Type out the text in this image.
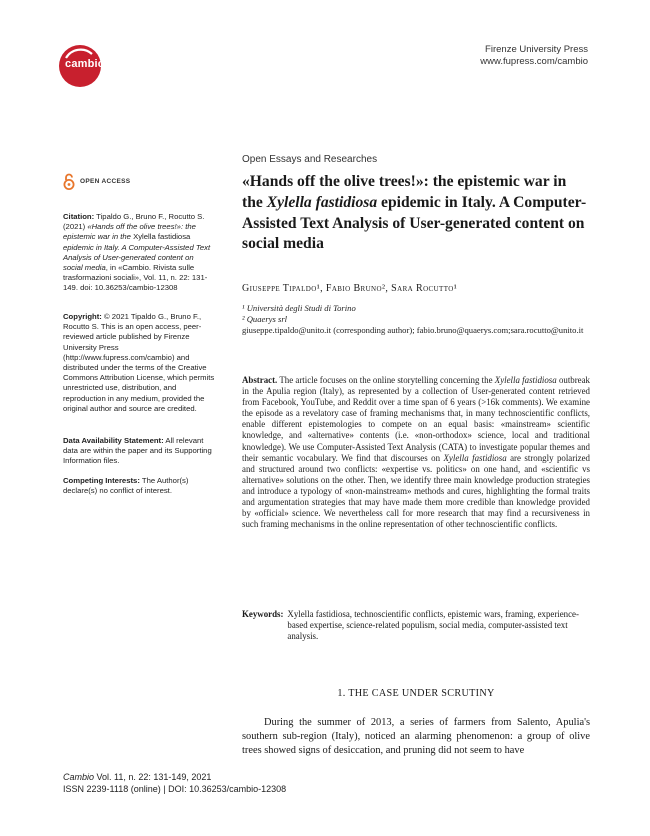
cambio
Firenze University Press
www.fupress.com/cambio
OPEN ACCESS

Citation: Tipaldo G., Bruno F., Rocutto S. (2021) «Hands off the olive trees!»: the epistemic war in the Xylella fastidiosa epidemic in Italy. A Computer-Assisted Text Analysis of User-generated content on social media, in «Cambio. Rivista sulle trasformazioni sociali», Vol. 11, n. 22: 131-149. doi: 10.36253/cambio-12308

Copyright: © 2021 Tipaldo G., Bruno F., Rocutto S. This is an open access, peer-reviewed article published by Firenze University Press (http://www.fupress.com/cambio) and distributed under the terms of the Creative Commons Attribution License, which permits unrestricted use, distribution, and reproduction in any medium, provided the original author and source are credited.

Data Availability Statement: All relevant data are within the paper and its Supporting Information files.

Competing Interests: The Author(s) declare(s) no conflict of interest.

Open Essays and Researches
«Hands off the olive trees!»: the epistemic war in the Xylella fastidiosa epidemic in Italy. A Computer-Assisted Text Analysis of User-generated content on social media
Giuseppe Tipaldo¹, Fabio Bruno², Sara Rocutto¹
¹ Università degli Studi di Torino
² Quaerys srl
giuseppe.tipaldo@unito.it (corresponding author); fabio.bruno@quaerys.com;sara.rocutto@unito.it
Abstract. The article focuses on the online storytelling concerning the Xylella fastidiosa outbreak in the Apulia region (Italy), as represented by a collection of User-generated content retrieved from Facebook, YouTube, and Reddit over a time span of 6 years (>16k comments). We examine the episode as a revelatory case of framing mechanisms that, in many technoscientific conflicts, enable different epistemologies to compete on an equal basis: «mainstream» scientific knowledge, and «alternative» contents (i.e. «non-orthodox» science, local and traditional knowledge). We use Computer-Assisted Text Analysis (CATA) to investigate popular themes and their semantic vocabulary. We find that discourses on Xylella fastidiosa are strongly polarized and structured around two conflicts: «expertise vs. politics» on one hand, and «scientific vs alternative» solutions on the other. Then, we identify three main knowledge production strategies and introduce a typology of «non-mainstream» methods and cures, highlighting the formal traits and argumentation strategies that may have made them more credible than knowledge provided by «official» science. We nevertheless call for more research that may find a recursiveness in such framing mechanisms in the online representation of other technoscientific conflicts.
Keywords: Xylella fastidiosa, technoscientific conflicts, epistemic wars, framing, experience-based expertise, science-related populism, social media, computer-assisted text analysis.
1. THE CASE UNDER SCRUTINY
During the summer of 2013, a series of farmers from Salento, Apulia's southern sub-region (Italy), noticed an alarming phenomenon: a group of olive trees showed signs of desiccation, and pruning did not seem to have
Cambio Vol. 11, n. 22: 131-149, 2021
ISSN 2239-1118 (online) | DOI: 10.36253/cambio-12308
